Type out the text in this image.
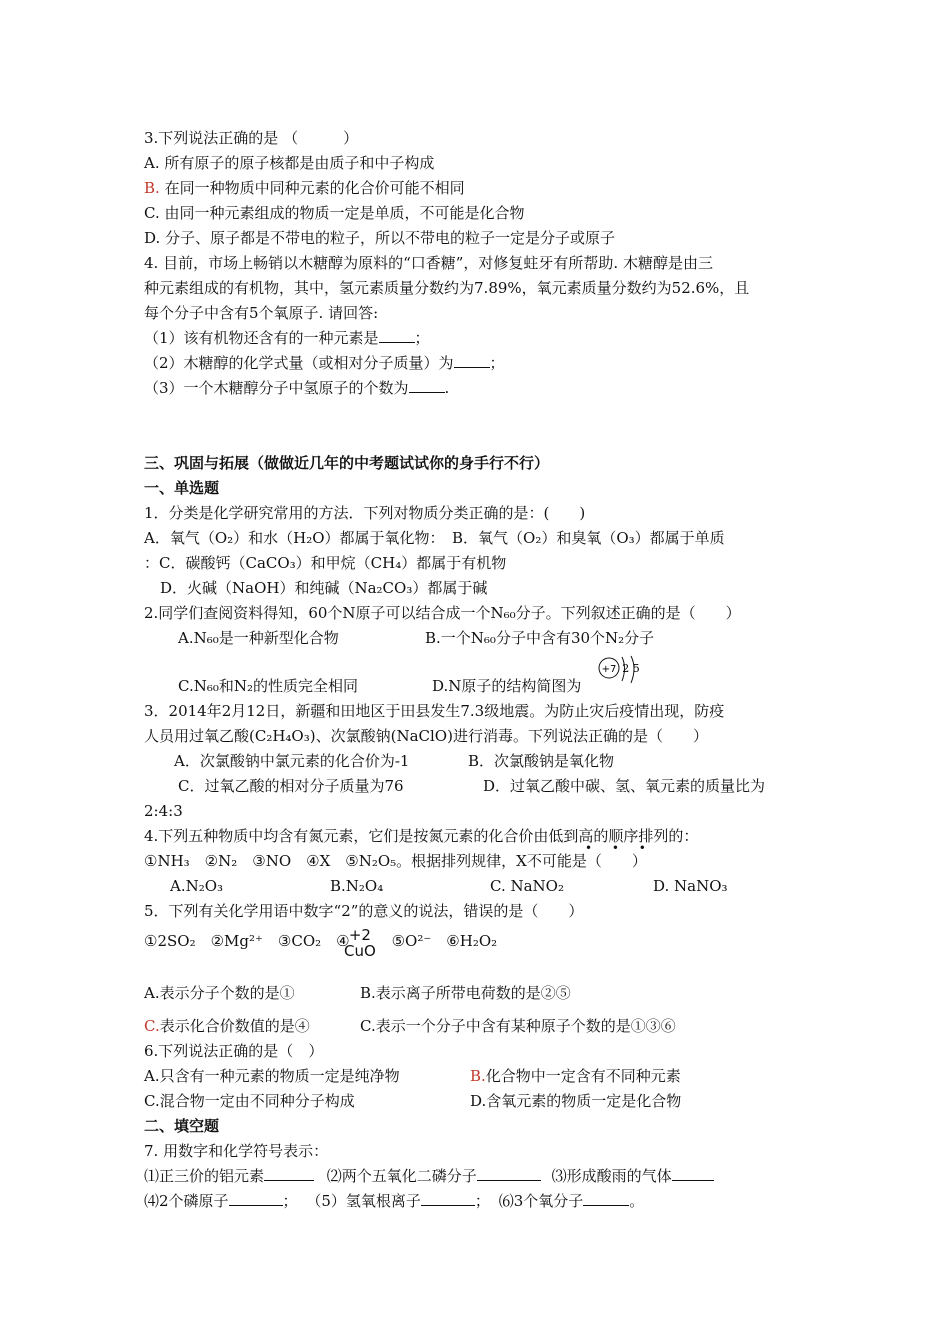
3.下列说法正确的是 （　　　）
A. 所有原子的原子核都是由质子和中子构成
B. 在同一种物质中同种元素的化合价可能不相同
C. 由同一种元素组成的物质一定是单质，不可能是化合物
D. 分子、原子都是不带电的粒子，所以不带电的粒子一定是分子或原子
4. 目前，市场上畅销以木糖醇为原料的“口香糖”，对修复蛀牙有所帮助. 木糖醇是由三
种元素组成的有机物，其中，氢元素质量分数约为7.89%，氧元素质量分数约为52.6%，且
每个分子中含有5个氧原子. 请回答:
（1）该有机物还含有的一种元素是 ；
（2）木糖醇的化学式量（或相对分子质量）为 ；
（3）一个木糖醇分子中氢原子的个数为 .
三、巩固与拓展（做做近几年的中考题试试你的身手行不行）
一、单选题
1．分类是化学研究常用的方法．下列对物质分类正确的是：(　　)
A．氧气（O₂）和水（H₂O）都属于氧化物：　B．氧气（O₂）和臭氧（O₃）都属于单质
：C．碳酸钙（CaCO₃）和甲烷（CH₄）都属于有机物
D．火碱（NaOH）和纯碱（Na₂CO₃）都属于碱
2.同学们查阅资料得知，60个N原子可以结合成一个N₆₀分子。下列叙述正确的是（　　）
A.N₆₀是一种新型化合物	B.一个N₆₀分子中含有30个N₂分子
C.N₆₀和N₂的性质完全相同	D.N原子的结构简图为
+7 2 5
3．2014年2月12日，新疆和田地区于田县发生7.3级地震。为防止灾后疫情出现，防疫
人员用过氧乙酸(C₂H₄O₃)、次氯酸钠(NaClO)进行消毒。下列说法正确的是（　　）
A．次氯酸钠中氯元素的化合价为-1	B．次氯酸钠是氧化物
C．过氧乙酸的相对分子质量为76	D．过氧乙酸中碳、氢、氧元素的质量比为
2:4:3
4.下列五种物质中均含有氮元素，它们是按氮元素的化合价由低到高的顺序排列的：
①NH₃　②N₂　③NO　④X　⑤N₂O₅。根据排列规律，X不可能是（　　）
• • •
A.N₂O₃	B.N₂O₄	C. NaNO₂	D. NaNO₃
5．下列有关化学用语中数字“2”的意义的说法，错误的是（　　）
①2SO₂　②Mg²⁺　③CO₂　④	⑤O²⁻　⑥H₂O₂
+2
CuO
A.表示分子个数的是①	B.表示离子所带电荷数的是②⑤
C.表示化合价数值的是④	C.表示一个分子中含有某种原子个数的是①③⑥
6.下列说法正确的是（　）
A.只含有一种元素的物质一定是纯净物	B.化合物中一定含有不同种元素
C.混合物一定由不同种分子构成	D.含氧元素的物质一定是化合物
二、填空题
7. 用数字和化学符号表示：
⑴正三价的铝元素	⑵两个五氧化二磷分子	⑶形成酸雨的气体
⑷2个磷原子	； （5）氢氧根离子	； ⑹3个氧分子	。
